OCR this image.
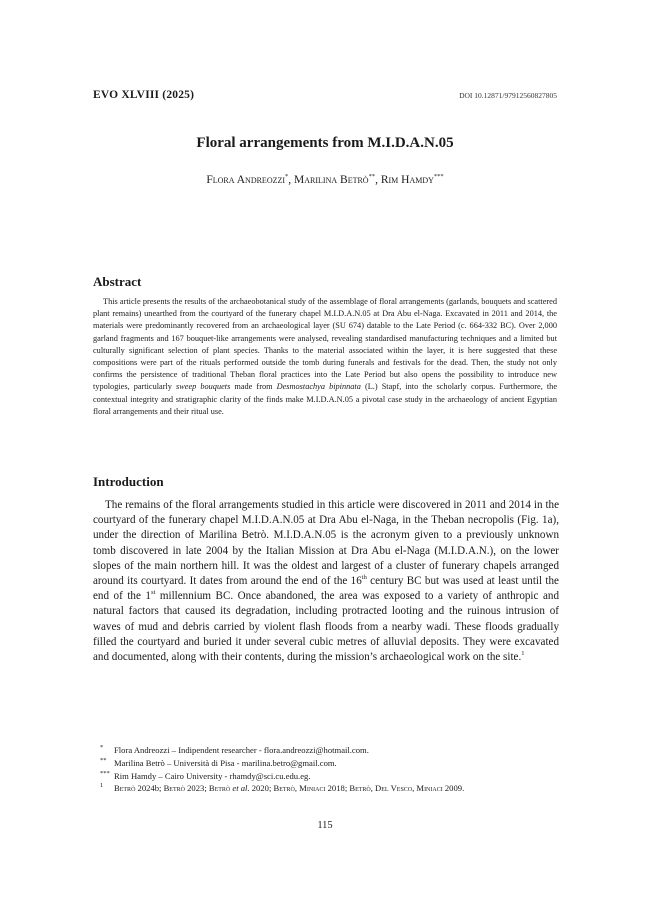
EVO XLVIII (2025)	DOI 10.12871/97912560827805
Floral arrangements from M.I.D.A.N.05
Flora Andreozzi*, Marilina Betrò**, Rim Hamdy***
Abstract
This article presents the results of the archaeobotanical study of the assemblage of floral arrangements (garlands, bouquets and scattered plant remains) unearthed from the courtyard of the funerary chapel M.I.D.A.N.05 at Dra Abu el-Naga. Excavated in 2011 and 2014, the materials were predominantly recovered from an archaeological layer (SU 674) datable to the Late Period (c. 664-332 BC). Over 2,000 garland fragments and 167 bouquet-like arrangements were analysed, revealing standardised manufacturing techniques and a limited but culturally significant selection of plant species. Thanks to the material associated within the layer, it is here suggested that these compositions were part of the rituals performed outside the tomb during funerals and festivals for the dead. Then, the study not only confirms the persistence of traditional Theban floral practices into the Late Period but also opens the possibility to introduce new typologies, particularly sweep bouquets made from Desmostachya bipinnata (L.) Stapf, into the scholarly corpus. Furthermore, the contextual integrity and stratigraphic clarity of the finds make M.I.D.A.N.05 a pivotal case study in the archaeology of ancient Egyptian floral arrangements and their ritual use.
Introduction
The remains of the floral arrangements studied in this article were discovered in 2011 and 2014 in the courtyard of the funerary chapel M.I.D.A.N.05 at Dra Abu el-Naga, in the Theban necropolis (Fig. 1a), under the direction of Marilina Betrò. M.I.D.A.N.05 is the acronym given to a previously unknown tomb discovered in late 2004 by the Italian Mission at Dra Abu el-Naga (M.I.D.A.N.), on the lower slopes of the main northern hill. It was the oldest and largest of a cluster of funerary chapels arranged around its courtyard. It dates from around the end of the 16th century BC but was used at least until the end of the 1st millennium BC. Once abandoned, the area was exposed to a variety of anthropic and natural factors that caused its degradation, including protracted looting and the ruinous intrusion of waves of mud and debris carried by violent flash floods from a nearby wadi. These floods gradually filled the courtyard and buried it under several cubic metres of alluvial deposits. They were excavated and documented, along with their contents, during the mission’s archaeological work on the site.$^1$
*	Flora Andreozzi – Indipendent researcher - flora.andreozzi@hotmail.com.
** Marilina Betrò – Università di Pisa - marilina.betro@gmail.com.
*** Rim Hamdy – Cairo University - rhamdy@sci.cu.edu.eg.
1	Betrò 2024b; Betrò 2023; Betrò et al. 2020; Betrò, Miniaci 2018; Betrò, Del Vesco, Miniaci 2009.
115
